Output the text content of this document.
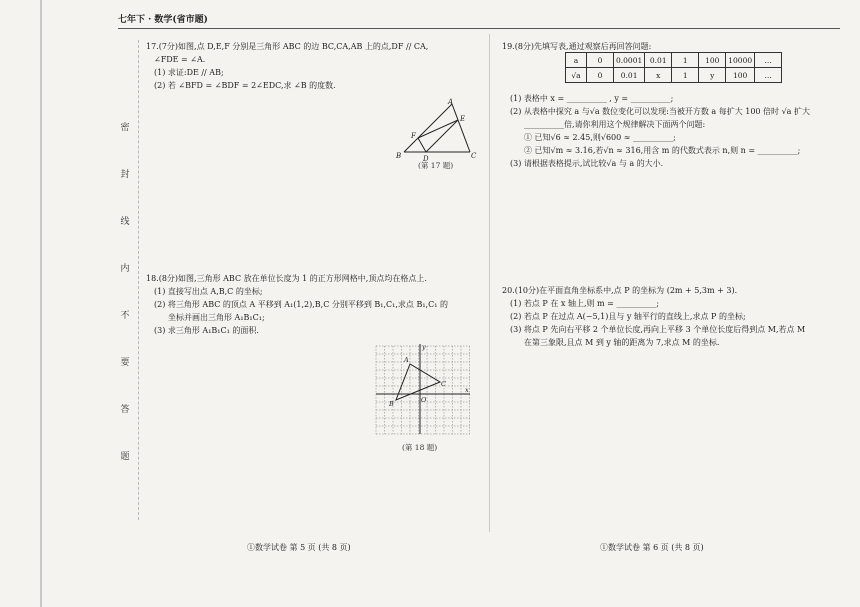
七年下 · 数学(省市题)
密
封
线
内
不
要
答
题

17.(7分)如图,点 D,E,F 分别是三角形 ABC 的边 BC,CA,AB 上的点,DF // CA,

∠FDE = ∠A.

(1) 求证:DE // AB;

(2) 若 ∠BFD = ∠BDF = 2∠EDC,求 ∠B 的度数.

A
E
F
B	D	C
(第 17 题)

18.(8分)如图,三角形 ABC 放在单位长度为 1 的正方形网格中,顶点均在格点上.

(1) 直接写出点 A,B,C 的坐标;

(2) 将三角形 ABC 的顶点 A 平移到 A₁(1,2),B,C 分别平移到 B₁,C₁,求点 B₁,C₁ 的

坐标并画出三角形 A₁B₁C₁;

(3) 求三角形 A₁B₁C₁ 的面积.

y
x
O
A
B
C
(第 18 题)

19.(8分)先填写表,通过观察后再回答问题:

a	0	0.0001	0.01	1	100	10000	…
√a	0	0.01	x	1	y	100	…

(1) 表格中 x = __________ , y = __________;

(2) 从表格中探究 a 与√a 数位变化可以发现:当被开方数 a 每扩大 100 倍时 √a 扩大

__________倍,请你利用这个规律解决下面两个问题:

① 已知√6 ≈ 2.45,则√600 ≈ __________;

② 已知√m ≈ 3.16,若√n ≈ 316,用含 m 的代数式表示 n,则 n = __________;

(3) 请根据表格提示,试比较√a 与 a 的大小.

20.(10分)在平面直角坐标系中,点 P 的坐标为 (2m + 5,3m + 3).

(1) 若点 P 在 x 轴上,则 m = __________;

(2) 若点 P 在过点 A(−5,1)且与 y 轴平行的直线上,求点 P 的坐标;

(3) 将点 P 先向右平移 2 个单位长度,再向上平移 3 个单位长度后得到点 M,若点 M

在第三象限,且点 M 到 y 轴的距离为 7,求点 M 的坐标.

①数学试卷 第 5 页 (共 8 页)	①数学试卷 第 6 页 (共 8 页)
